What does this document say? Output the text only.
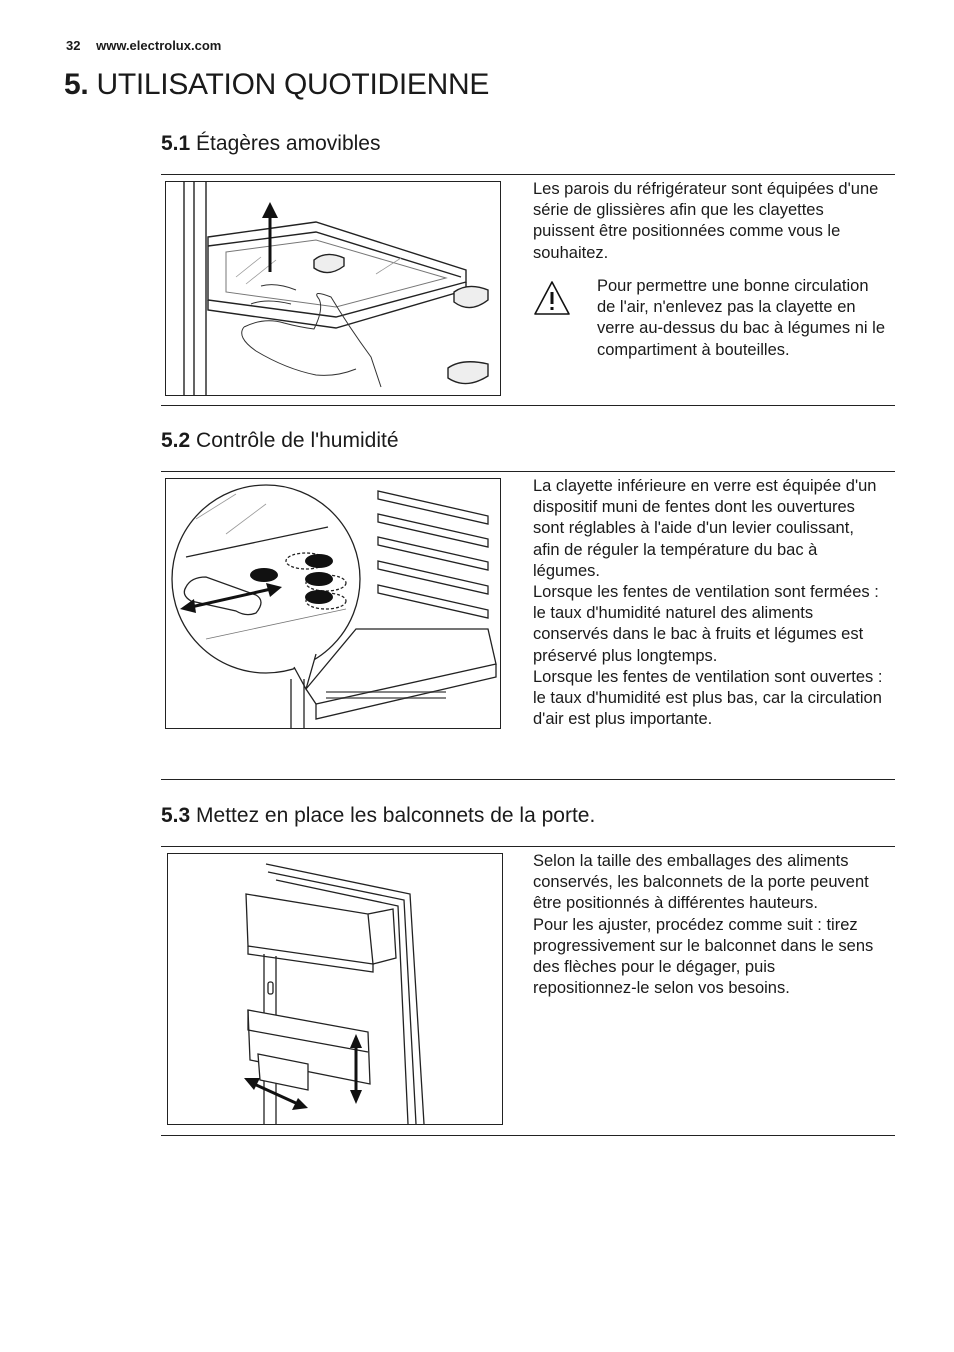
32 www.electrolux.com
5. UTILISATION QUOTIDIENNE
5.1 Étagères amovibles

Les parois du réfrigérateur sont équipées d'une série de glissières afin que les clayettes puissent être positionnées comme vous le souhaitez.

Pour permettre une bonne circulation de l'air, n'enlevez pas la clayette en verre au-dessus du bac à légumes ni le compartiment à bouteilles.
5.2 Contrôle de l'humidité

La clayette inférieure en verre est équipée d'un dispositif muni de fentes dont les ouvertures sont réglables à l'aide d'un levier coulissant, afin de réguler la température du bac à légumes.

Lorsque les fentes de ventilation sont fermées :

le taux d'humidité naturel des aliments conservés dans le bac à fruits et légumes est préservé plus longtemps.

Lorsque les fentes de ventilation sont ouvertes :

le taux d'humidité est plus bas, car la circulation d'air est plus importante.

5.3 Mettez en place les balconnets de la porte.

Selon la taille des emballages des aliments conservés, les balconnets de la porte peuvent être positionnés à différentes hauteurs.

Pour les ajuster, procédez comme suit : tirez progressivement sur le balconnet dans le sens des flèches pour le dégager, puis repositionnez-le selon vos besoins.
